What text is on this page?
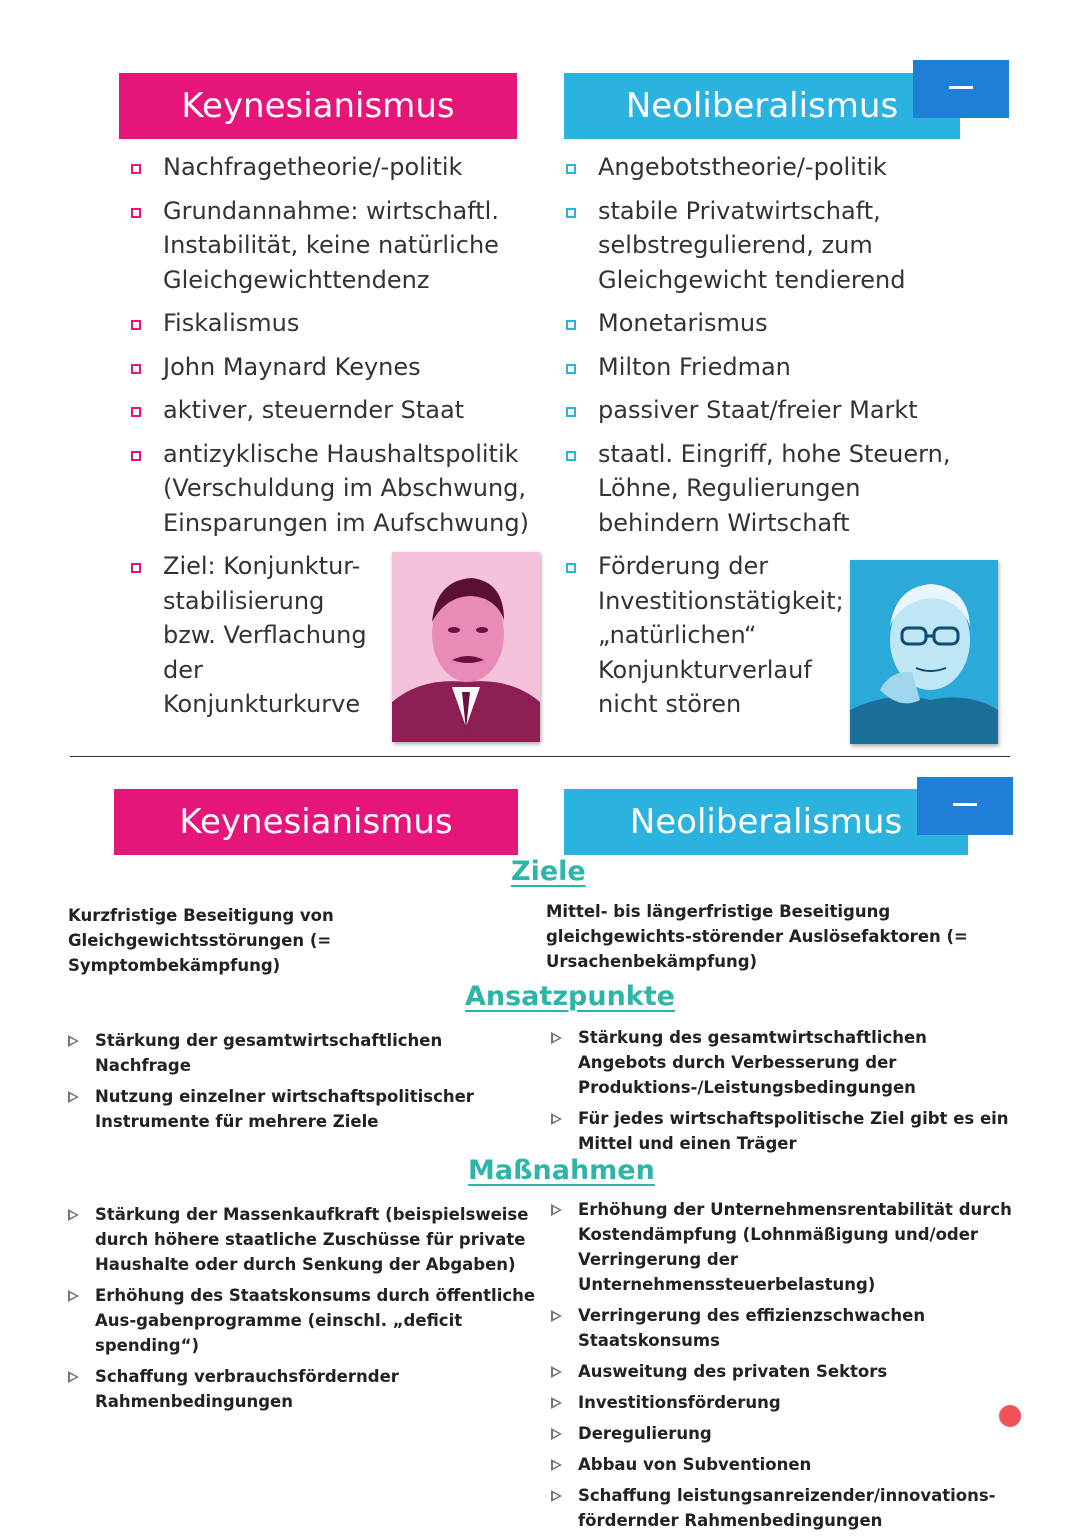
Keynesianismus	Neoliberalismus
Nachfragetheorie/-politik
Grundannahme: wirtschaftl. Instabilität, keine natürliche Gleichgewichttendenz
Fiskalismus
John Maynard Keynes
aktiver, steuernder Staat
antizyklische Haushaltspolitik (Verschuldung im Abschwung, Einsparungen im Aufschwung)
Ziel: Konjunktur-stabilisierung bzw. Verflachung der Konjunkturkurve
Angebotstheorie/-politik
stabile Privatwirtschaft, selbstregulierend, zum Gleichgewicht tendierend
Monetarismus
Milton Friedman
passiver Staat/freier Markt
staatl. Eingriff, hohe Steuern, Löhne, Regulierungen behindern Wirtschaft
Förderung der Investitionstätigkeit; „natürlichen“ Konjunkturverlauf nicht stören
Keynesianismus	Neoliberalismus
Ziele
Kurzfristige Beseitigung von Gleichgewichtsstörungen (= Symptombekämpfung)
Mittel- bis längerfristige Beseitigung gleichgewichts-störender Auslösefaktoren (= Ursachenbekämpfung)
Ansatzpunkte
Stärkung der gesamtwirtschaftlichen Nachfrage
Nutzung einzelner wirtschaftspolitischer Instrumente für mehrere Ziele
Stärkung des gesamtwirtschaftlichen Angebots durch Verbesserung der Produktions-/Leistungsbedingungen
Für jedes wirtschaftspolitische Ziel gibt es ein Mittel und einen Träger
Maßnahmen
Stärkung der Massenkaufkraft (beispielsweise durch höhere staatliche Zuschüsse für private Haushalte oder durch Senkung der Abgaben)
Erhöhung des Staatskonsums durch öffentliche Aus-gabenprogramme (einschl. „deficit spending“)
Schaffung verbrauchsfördernder Rahmenbedingungen
Erhöhung der Unternehmensrentabilität durch Kostendämpfung (Lohnmäßigung und/oder Verringerung der Unternehmenssteuerbelastung)
Verringerung des effizienzschwachen Staatskonsums
Ausweitung des privaten Sektors
Investitionsförderung
Deregulierung
Abbau von Subventionen
Schaffung leistungsanreizender/innovations-fördernder Rahmenbedingungen
